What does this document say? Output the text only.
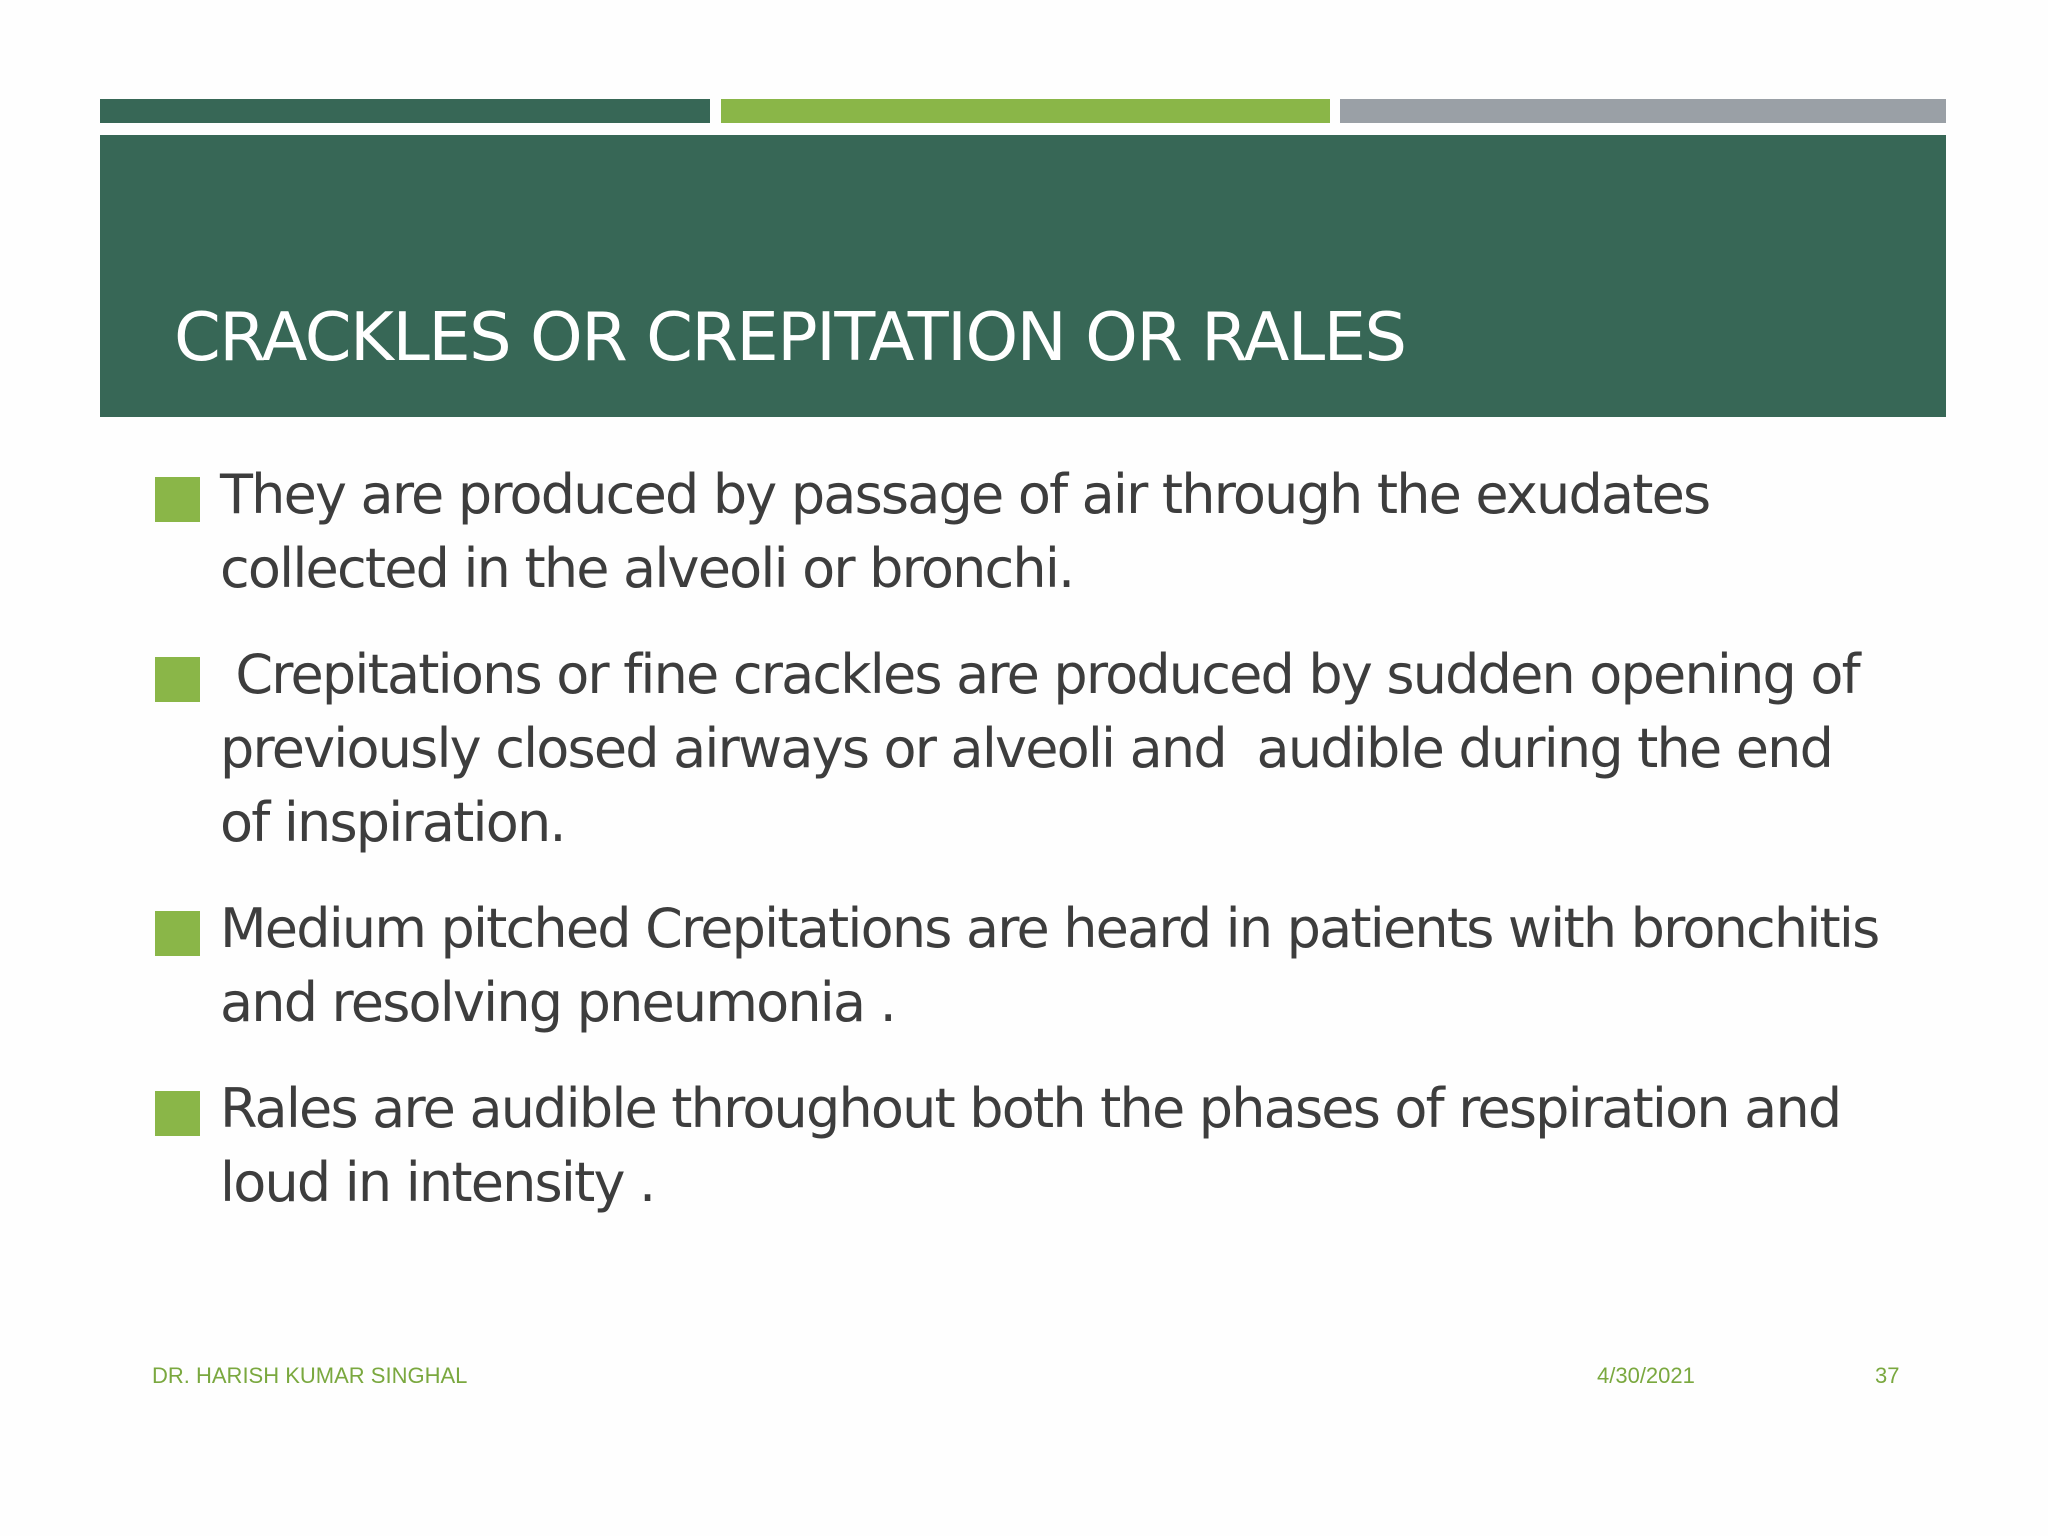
CRACKLES OR CREPITATION OR RALES
They are produced by passage of air through the exudates collected in the alveoli or bronchi.
Crepitations or fine crackles are produced by sudden opening of previously closed airways or alveoli and  audible during the end of inspiration.
Medium pitched Crepitations are heard in patients with bronchitis and resolving pneumonia .
Rales are audible throughout both the phases of respiration and loud in intensity .
DR. HARISH KUMAR SINGHAL	4/30/2021	37
